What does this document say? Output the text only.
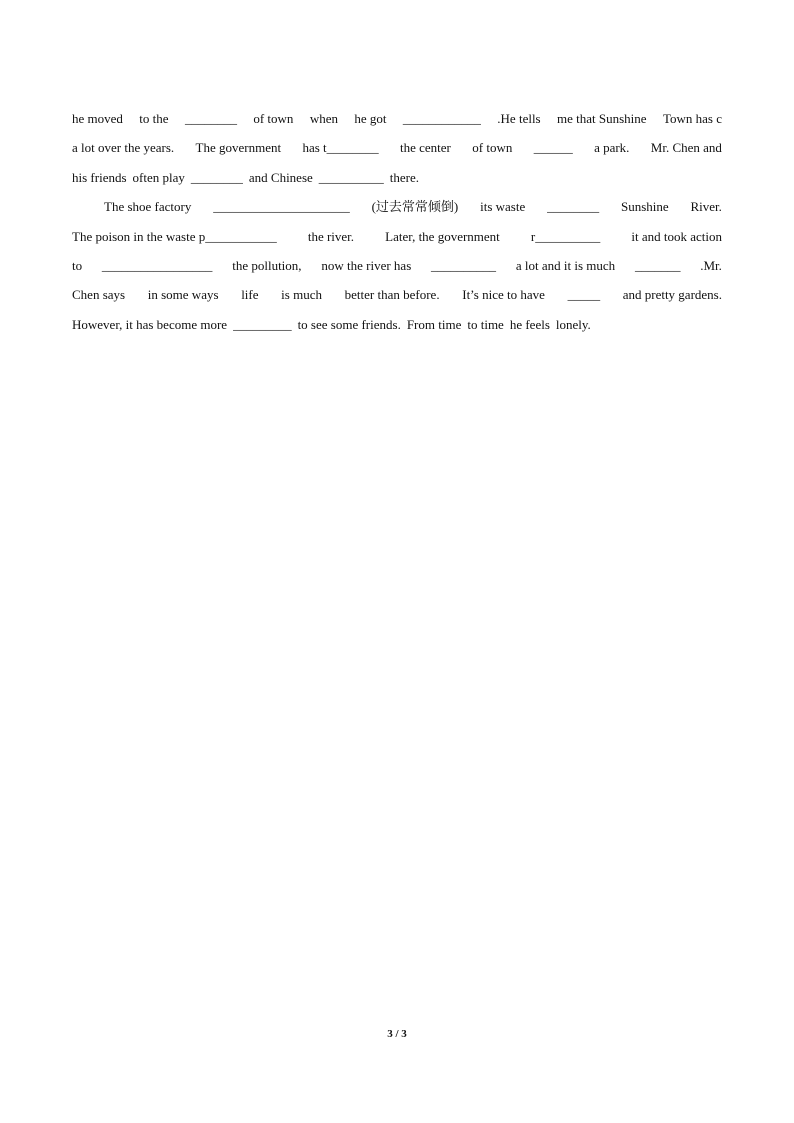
he moved to the ________ of town when he got ____________ .He tells me that Sunshine Town has c
a lot over the years. The government has t________ the center of town ______ a park. Mr. Chen and
his friends often play ________ and Chinese __________ there.
The shoe factory _____________________ (过去常常倾倒) its waste ________ Sunshine River.
The poison in the waste p___________ the river. Later, the government r__________ it and took action
to _________________ the pollution, now the river has __________ a lot and it is much _______ .Mr.
Chen says in some ways life is much better than before. It’s nice to have _____ and pretty gardens.
However, it has become more _________ to see some friends. From time to time he feels lonely.
3 / 3
